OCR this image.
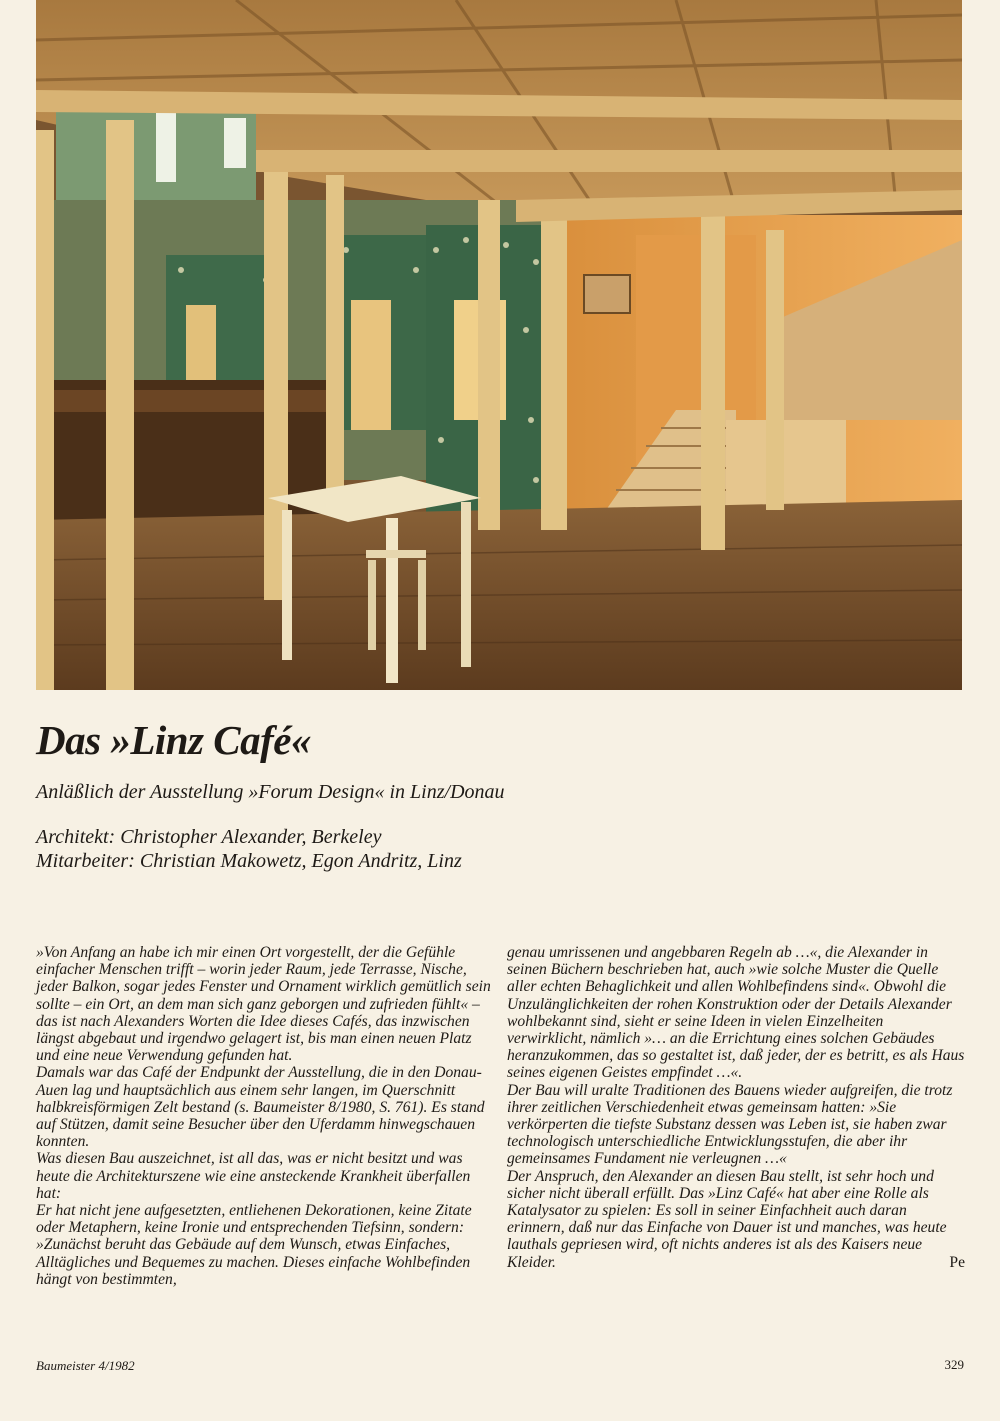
Das »Linz Café«
Anläßlich der Ausstellung »Forum Design« in Linz/Donau
Architekt: Christopher Alexander, Berkeley
Mitarbeiter: Christian Makowetz, Egon Andritz, Linz

»Von Anfang an habe ich mir einen Ort vorgestellt, der die Gefühle einfacher Menschen trifft – worin jeder Raum, jede Terrasse, Nische, jeder Balkon, sogar jedes Fenster und Ornament wirklich gemütlich sein sollte – ein Ort, an dem man sich ganz geborgen und zufrieden fühlt« – das ist nach Alexanders Worten die Idee dieses Cafés, das inzwischen längst abgebaut und irgendwo gelagert ist, bis man einen neuen Platz und eine neue Verwendung gefunden hat.

Damals war das Café der Endpunkt der Ausstellung, die in den Donau-Auen lag und hauptsächlich aus einem sehr langen, im Querschnitt halbkreisförmigen Zelt bestand (s. Baumeister 8/1980, S. 761). Es stand auf Stützen, damit seine Besucher über den Uferdamm hinwegschauen konnten.

Was diesen Bau auszeichnet, ist all das, was er nicht besitzt und was heute die Architekturszene wie eine ansteckende Krankheit überfallen hat:

Er hat nicht jene aufgesetzten, entliehenen Dekorationen, keine Zitate oder Metaphern, keine Ironie und entsprechenden Tiefsinn, sondern: »Zunächst beruht das Gebäude auf dem Wunsch, etwas Einfaches, Alltägliches und Bequemes zu machen. Dieses einfache Wohlbefinden hängt von bestimmten,

genau umrissenen und angebbaren Regeln ab …«, die Alexander in seinen Büchern beschrieben hat, auch »wie solche Muster die Quelle aller echten Behaglichkeit und allen Wohlbefindens sind«. Obwohl die Unzulänglichkeiten der rohen Konstruktion oder der Details Alexander wohlbekannt sind, sieht er seine Ideen in vielen Einzelheiten verwirklicht, nämlich »… an die Errichtung eines solchen Gebäudes heranzukommen, das so gestaltet ist, daß jeder, der es betritt, es als Haus seines eigenen Geistes empfindet …«.

Der Bau will uralte Traditionen des Bauens wieder aufgreifen, die trotz ihrer zeitlichen Verschiedenheit etwas gemeinsam hatten: »Sie verkörperten die tiefste Substanz dessen was Leben ist, sie haben zwar technologisch unterschiedliche Entwicklungsstufen, die aber ihr gemeinsames Fundament nie verleugnen …«

Der Anspruch, den Alexander an diesen Bau stellt, ist sehr hoch und sicher nicht überall erfüllt. Das »Linz Café« hat aber eine Rolle als Katalysator zu spielen: Es soll in seiner Einfachheit auch daran erinnern, daß nur das Einfache von Dauer ist und manches, was heute lauthals gepriesen wird, oft nichts anderes ist als des Kaisers neue Kleider.	Pe

Baumeister 4/1982	329
